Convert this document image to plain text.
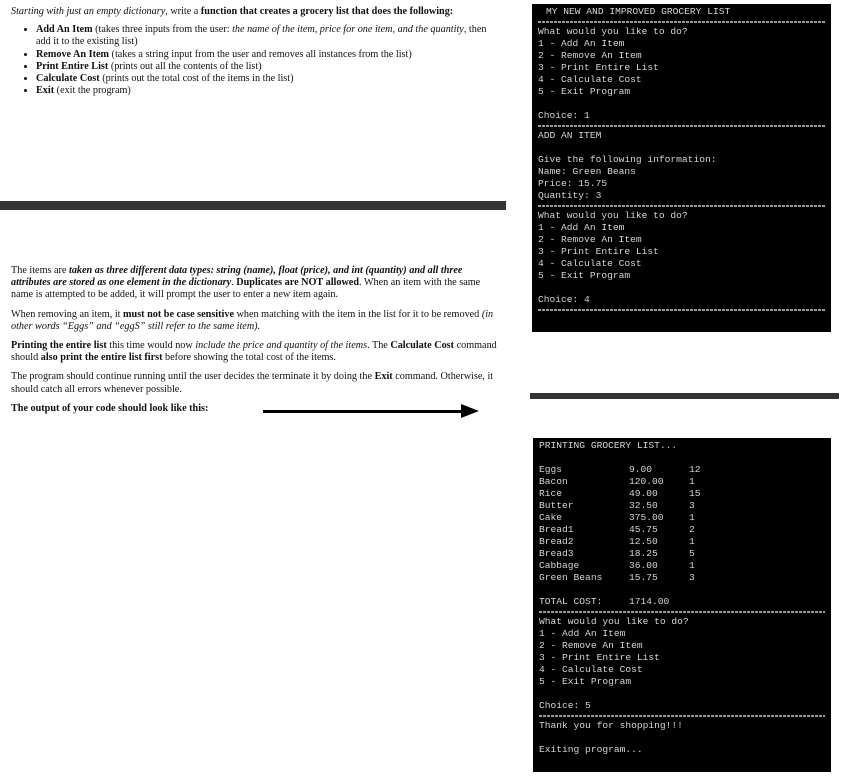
Starting with just an empty dictionary, write a function that creates a grocery list that does the following:

• Add An Item (takes three inputs from the user: the name of the item, price for one item, and the quantity, then add it to the existing list)
• Remove An Item (takes a string input from the user and removes all instances from the list)
• Print Entire List (prints out all the contents of the list)
• Calculate Cost (prints out the total cost of the items in the list)
• Exit (exit the program)

The items are taken as three different data types: string (name), float (price), and int (quantity) and all three attributes are stored as one element in the dictionary. Duplicates are NOT allowed. When an item with the same name is attempted to be added, it will prompt the user to enter a new item again.

When removing an item, it must not be case sensitive when matching with the item in the list for it to be removed (in other words “Eggs” and “eggS” still refer to the same item).

Printing the entire list this time would now include the price and quantity of the items. The Calculate Cost command should also print the entire list first before showing the total cost of the items.

The program should continue running until the user decides the terminate it by doing the Exit command. Otherwise, it should catch all errors whenever possible.

The output of your code should look like this:
MY NEW AND IMPROVED GROCERY LIST
What would you like to do?
1 - Add An Item
2 - Remove An Item
3 - Print Entire List
4 - Calculate Cost
5 - Exit Program
Choice: 1
ADD AN ITEM
Give the following information:
Name: Green Beans
Price: 15.75
Quantity: 3
What would you like to do?
1 - Add An Item
2 - Remove An Item
3 - Print Entire List
4 - Calculate Cost
5 - Exit Program
Choice: 4
PRINTING GROCERY LIST...
Eggs	9.00	12
Bacon	120.00	1
Rice	49.00	15
Butter	32.50	3
Cake	375.00	1
Bread1	45.75	2
Bread2	12.50	1
Bread3	18.25	5
Cabbage	36.00	1
Green Beans	15.75	3
TOTAL COST:	1714.00
What would you like to do?
1 - Add An Item
2 - Remove An Item
3 - Print Entire List
4 - Calculate Cost
5 - Exit Program
Choice: 5
Thank you for shopping!!!
Exiting program...
